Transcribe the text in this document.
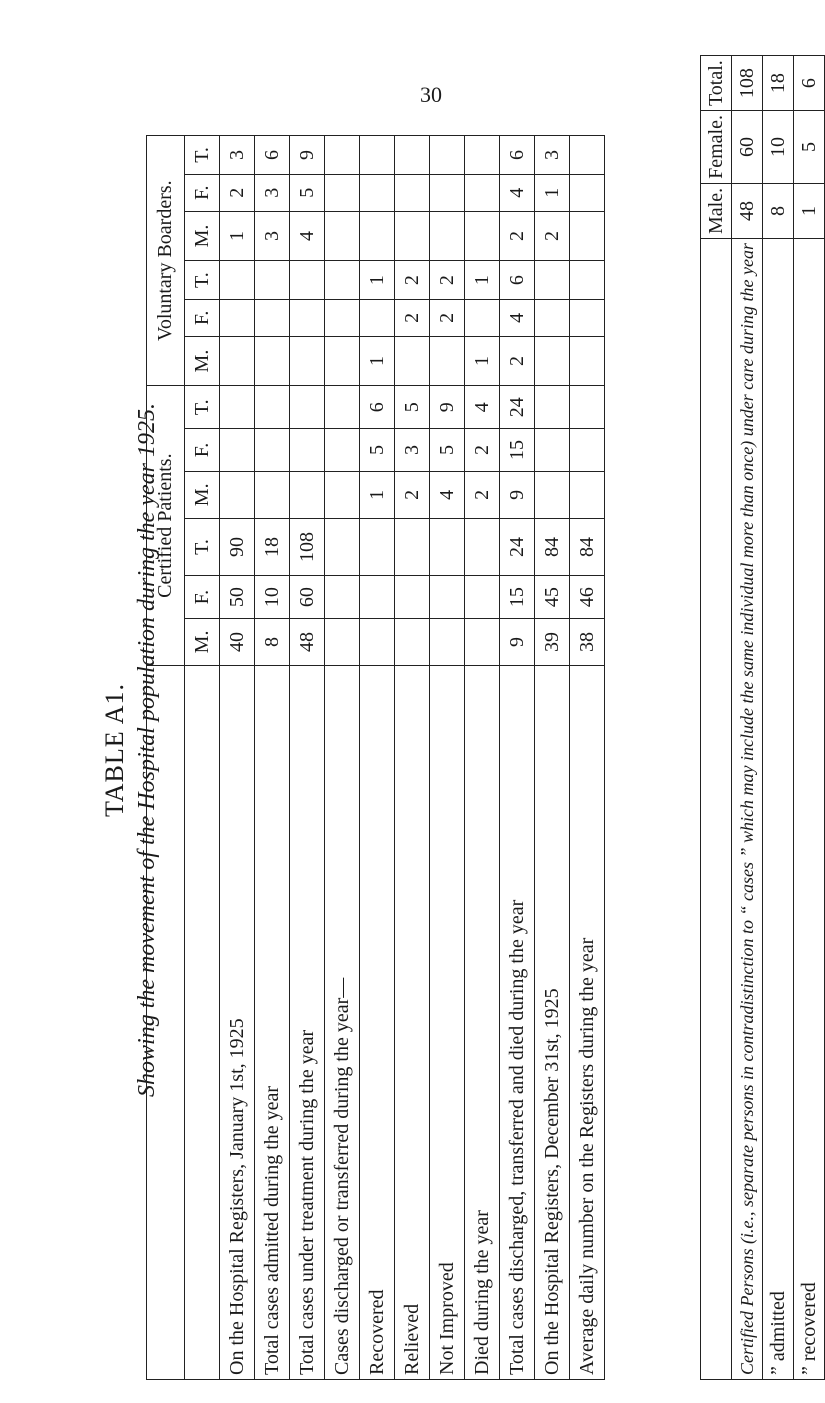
30
TABLE A1. Showing the movement of the Hospital population during the year 1925.
	Certified Patients.						Voluntary Boarders.					
	M.	F.	T.	M.	F.	T.	M.	F.	T.	M.	F.	T.
On the Hospital Registers, January 1st, 1925	40	50	90							1	2	3
Total cases admitted during the year	8	10	18							3	3	6
Total cases under treatment during the year	48	60	108							4	5	9
Cases discharged or transferred during the year—												
Recovered				1	5	6	1		1			
Relieved				2	3	5		2	2			
Not Improved				4	5	9		2	2			
Died during the year				2	2	4	1		1			
Total cases discharged, transferred and died during the year	9	15	24	9	15	24	2	4	6	2	4	6
On the Hospital Registers, December 31st, 1925	39	45	84							2	1	3
Average daily number on the Registers during the year	38	46	84									
	Male.	Female.	Total.
Certified Persons (i.e., separate persons in contradistinction to “ cases ” which may include the same individual more than once) under care during the year	48	60	108
” admitted	8	10	18
” recovered	1	5	6
